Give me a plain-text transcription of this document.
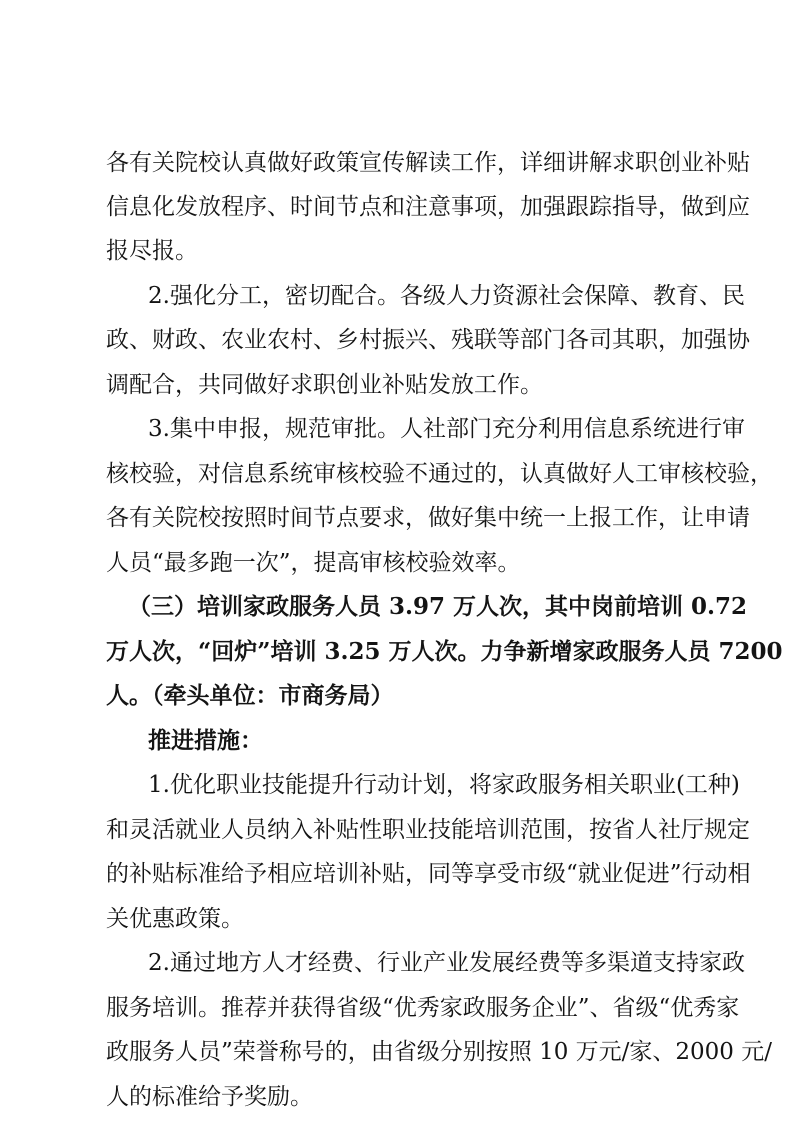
各有关院校认真做好政策宣传解读工作，详细讲解求职创业补贴
信息化发放程序、时间节点和注意事项，加强跟踪指导，做到应
报尽报。
2.强化分工，密切配合。各级人力资源社会保障、教育、民
政、财政、农业农村、乡村振兴、残联等部门各司其职，加强协
调配合，共同做好求职创业补贴发放工作。
3.集中申报，规范审批。人社部门充分利用信息系统进行审
核校验，对信息系统审核校验不通过的，认真做好人工审核校验，
各有关院校按照时间节点要求，做好集中统一上报工作，让申请
人员“最多跑一次”，提高审核校验效率。
（三）培训家政服务人员 3.97 万人次，其中岗前培训 0.72
万人次，“回炉”培训 3.25 万人次。力争新增家政服务人员 7200
人。（牵头单位：市商务局）
推进措施：
1.优化职业技能提升行动计划，将家政服务相关职业(工种)
和灵活就业人员纳入补贴性职业技能培训范围，按省人社厅规定
的补贴标准给予相应培训补贴，同等享受市级“就业促进”行动相
关优惠政策。
2.通过地方人才经费、行业产业发展经费等多渠道支持家政
服务培训。推荐并获得省级“优秀家政服务企业”、省级“优秀家
政服务人员”荣誉称号的，由省级分别按照 10 万元/家、2000 元/
人的标准给予奖励。
